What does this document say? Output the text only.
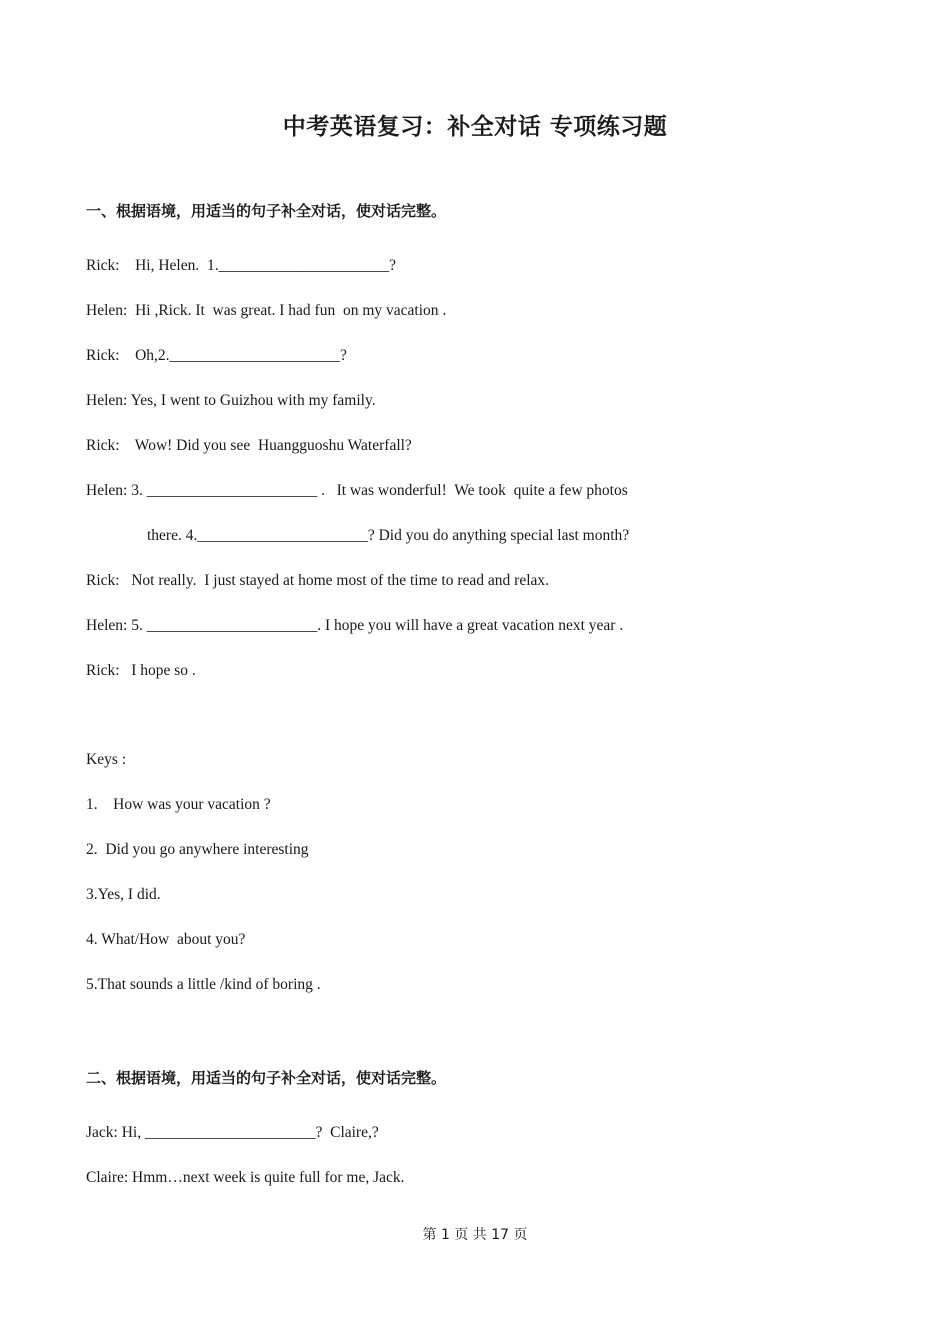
中考英语复习：补全对话 专项练习题
一、根据语境，用适当的句子补全对话，使对话完整。

Rick:    Hi, Helen.  1.______________________?

Helen:  Hi ,Rick. It  was great. I had fun  on my vacation .

Rick:    Oh,2.______________________?

Helen: Yes, I went to Guizhou with my family.

Rick:    Wow! Did you see  Huangguoshu Waterfall?

Helen: 3. ______________________ .   It was wonderful!  We took  quite a few photos

there. 4.______________________? Did you do anything special last month?

Rick:   Not really.  I just stayed at home most of the time to read and relax.

Helen: 5. ______________________. I hope you will have a great vacation next year .

Rick:   I hope so .

Keys :

1.    How was your vacation ?

2.  Did you go anywhere interesting

3.Yes, I did.

4. What/How  about you?

5.That sounds a little /kind of boring .

二、根据语境，用适当的句子补全对话，使对话完整。

Jack: Hi, ______________________?  Claire,?

Claire: Hmm…next week is quite full for me, Jack.

第 1 页 共 17 页
